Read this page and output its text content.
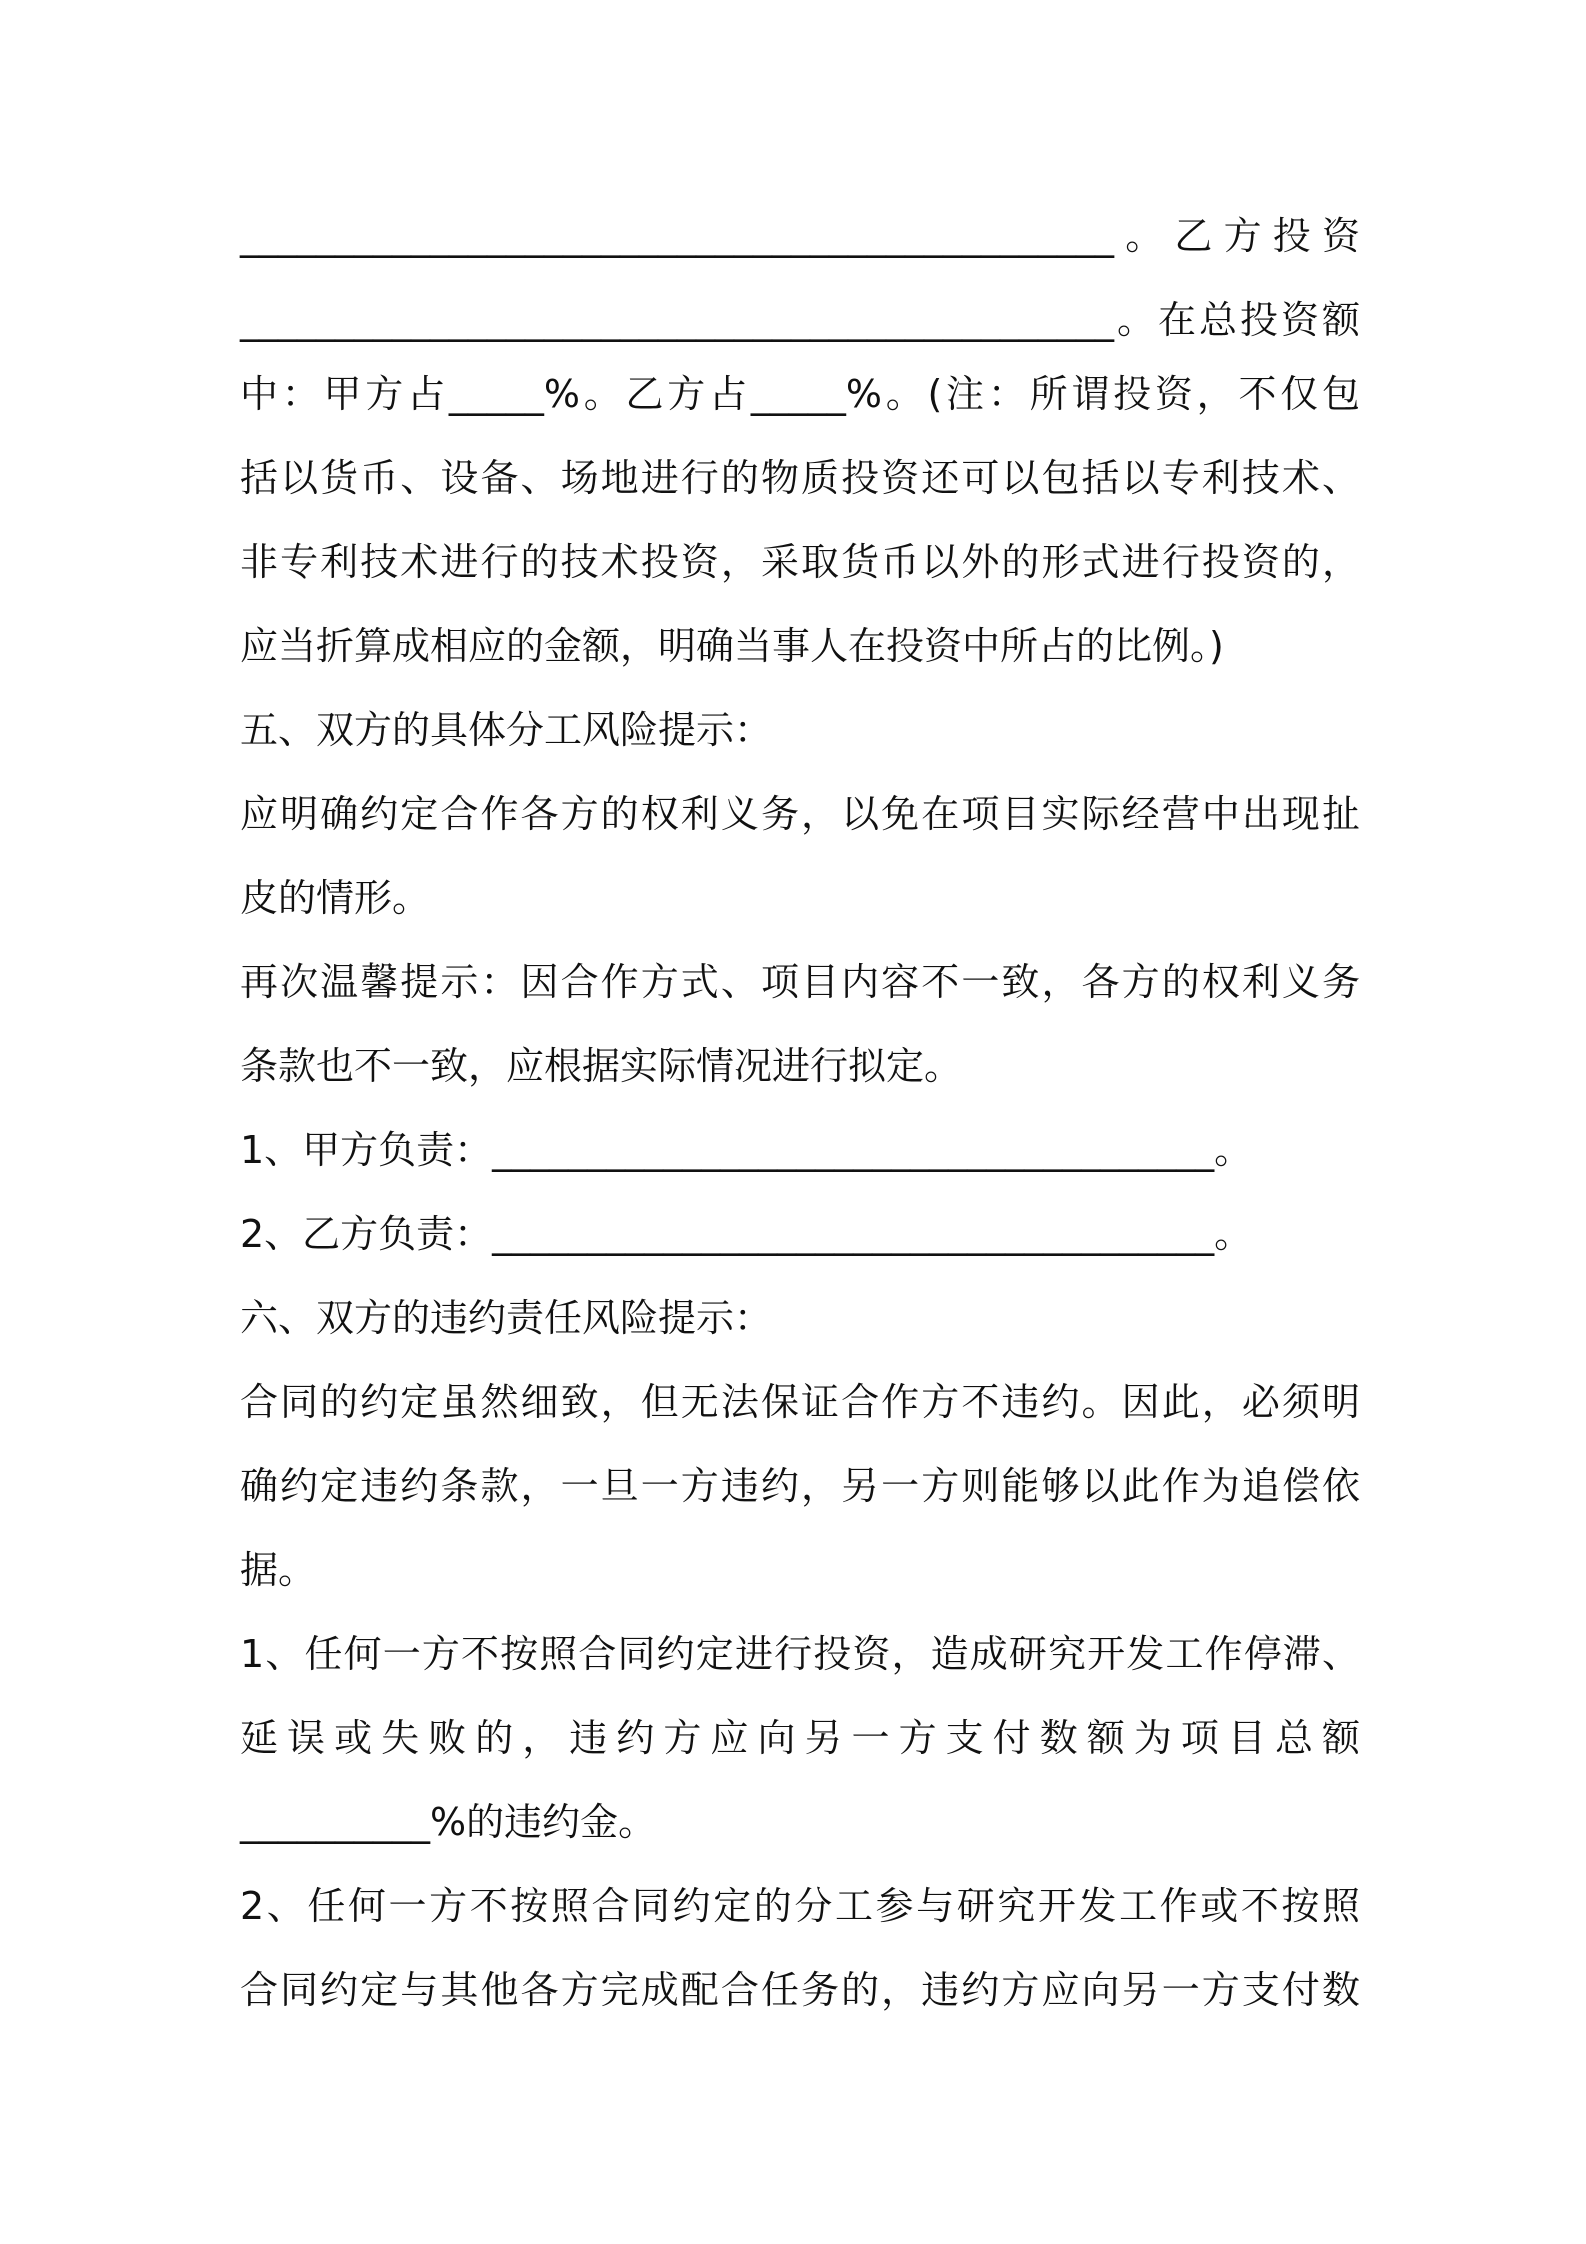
______________________________________________。乙方投资
______________________________________________。在总投资额
中：甲方占_____%。乙方占_____%。(注：所谓投资，不仅包
括以货币、设备、场地进行的物质投资还可以包括以专利技术、
非专利技术进行的技术投资，采取货币以外的形式进行投资的，
应当折算成相应的金额，明确当事人在投资中所占的比例。)
五、双方的具体分工风险提示：
应明确约定合作各方的权利义务，以免在项目实际经营中出现扯
皮的情形。
再次温馨提示：因合作方式、项目内容不一致，各方的权利义务
条款也不一致，应根据实际情况进行拟定。
1、甲方负责：______________________________________。
2、乙方负责：______________________________________。
六、双方的违约责任风险提示：
合同的约定虽然细致，但无法保证合作方不违约。因此，必须明
确约定违约条款，一旦一方违约，另一方则能够以此作为追偿依
据。
1、任何一方不按照合同约定进行投资，造成研究开发工作停滞、
延误或失败的，违约方应向另一方支付数额为项目总额
__________%的违约金。
2、任何一方不按照合同约定的分工参与研究开发工作或不按照
合同约定与其他各方完成配合任务的，违约方应向另一方支付数
